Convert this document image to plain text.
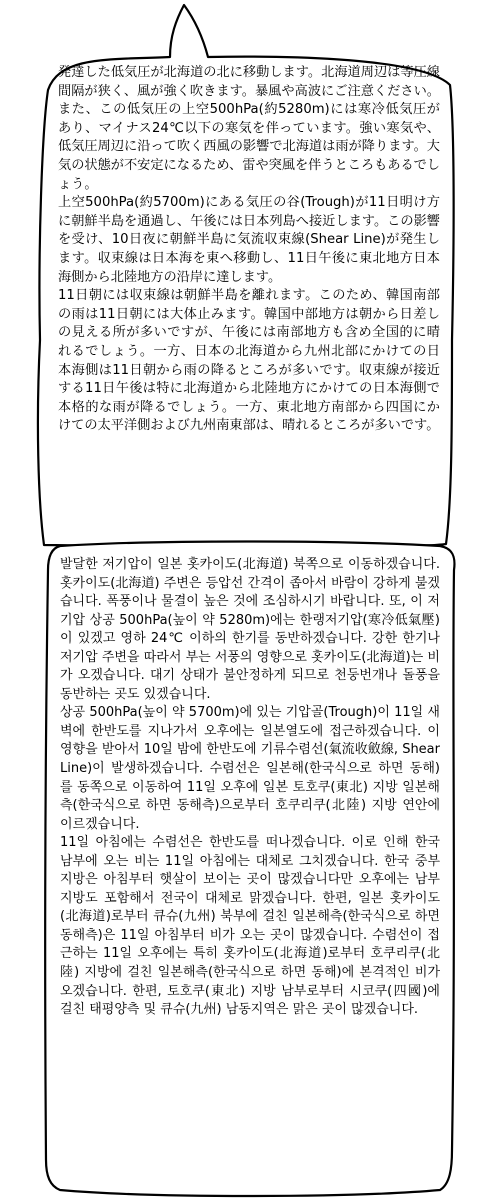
発達した低気圧が北海道の北に移動します。北海道周辺は等圧線間隔が狭く、風が強く吹きます。暴風や高波にご注意ください。また、この低気圧の上空500hPa(約5280m)には寒冷低気圧があり、マイナス24℃以下の寒気を伴っています。強い寒気や、低気圧周辺に沿って吹く西風の影響で北海道は雨が降ります。大気の状態が不安定になるため、雷や突風を伴うところもあるでしょう。

上空500hPa(約5700m)にある気圧の谷(Trough)が11日明け方に朝鮮半島を通過し、午後には日本列島へ接近します。この影響を受け、10日夜に朝鮮半島に気流収束線(Shear Line)が発生します。収束線は日本海を東へ移動し、11日午後に東北地方日本海側から北陸地方の沿岸に達します。

11日朝には収束線は朝鮮半島を離れます。このため、韓国南部の雨は11日朝には大体止みます。韓国中部地方は朝から日差しの見える所が多いですが、午後には南部地方も含め全国的に晴れるでしょう。一方、日本の北海道から九州北部にかけての日本海側は11日朝から雨の降るところが多いです。収束線が接近する11日午後は特に北海道から北陸地方にかけての日本海側で本格的な雨が降るでしょう。一方、東北地方南部から四国にかけての太平洋側および九州南東部は、晴れるところが多いです。

발달한 저기압이 일본 홋카이도(北海道) 북쪽으로 이동하겠습니다. 홋카이도(北海道) 주변은 등압선 간격이 좁아서 바람이 강하게 불겠습니다. 폭풍이나 물결이 높은 것에 조심하시기 바랍니다. 또, 이 저기압 상공 500hPa(높이 약 5280m)에는 한랭저기압(寒冷低氣壓)이 있겠고 영하 24℃ 이하의 한기를 동반하겠습니다. 강한 한기나 저기압 주변을 따라서 부는 서풍의 영향으로 홋카이도(北海道)는 비가 오겠습니다. 대기 상태가 불안정하게 되므로 천둥번개나 돌풍을 동반하는 곳도 있겠습니다.

상공 500hPa(높이 약 5700m)에 있는 기압골(Trough)이 11일 새벽에 한반도를 지나가서 오후에는 일본열도에 접근하겠습니다. 이 영향을 받아서 10일 밤에 한반도에 기류수렴선(氣流收斂線, Shear Line)이 발생하겠습니다. 수렴선은 일본해(한국식으로 하면 동해)를 동쪽으로 이동하여 11일 오후에 일본 토호쿠(東北) 지방 일본해측(한국식으로 하면 동해측)으로부터 호쿠리쿠(北陸) 지방 연안에 이르겠습니다.

11일 아침에는 수렴선은 한반도를 떠나겠습니다. 이로 인해 한국 남부에 오는 비는 11일 아침에는 대체로 그치겠습니다. 한국 중부지방은 아침부터 햇살이 보이는 곳이 많겠습니다만 오후에는 남부지방도 포함해서 전국이 대체로 맑겠습니다. 한편, 일본 홋카이도(北海道)로부터 큐슈(九州) 북부에 걸친 일본해측(한국식으로 하면 동해측)은 11일 아침부터 비가 오는 곳이 많겠습니다. 수렴선이 접근하는 11일 오후에는 특히 홋카이도(北海道)로부터 호쿠리쿠(北陸) 지방에 걸친 일본해측(한국식으로 하면 동해)에 본격적인 비가 오겠습니다. 한편, 토호쿠(東北) 지방 남부로부터 시코쿠(四國)에 걸친 태평양측 및 큐슈(九州) 남동지역은 맑은 곳이 많겠습니다.
